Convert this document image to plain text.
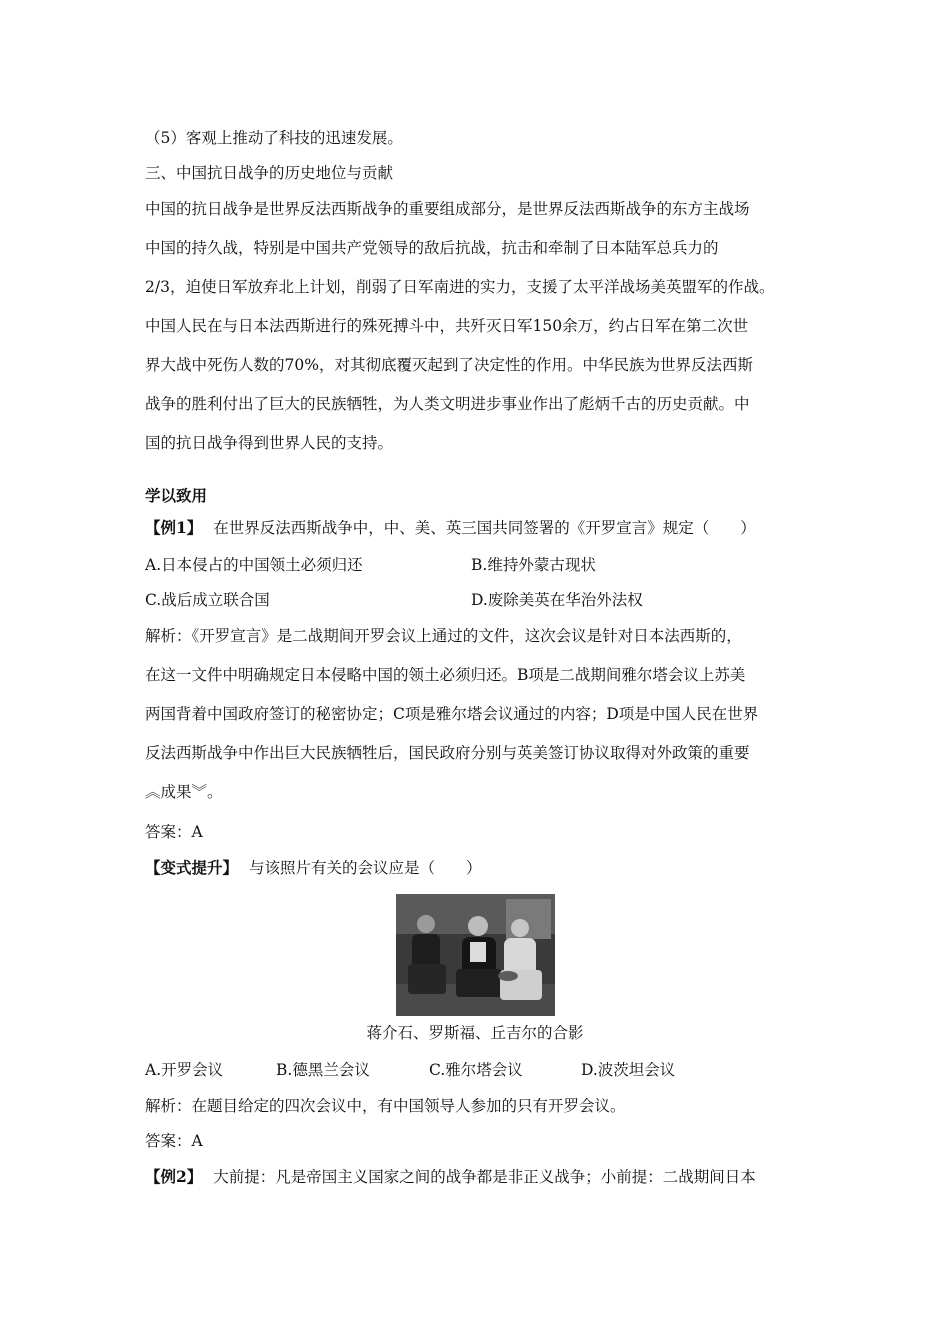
（5）客观上推动了科技的迅速发展。
三、中国抗日战争的历史地位与贡献
中国的抗日战争是世界反法西斯战争的重要组成部分，是世界反法西斯战争的东方主战场
中国的持久战，特别是中国共产党领导的敌后抗战，抗击和牵制了日本陆军总兵力的
2/3，迫使日军放弃北上计划，削弱了日军南进的实力，支援了太平洋战场美英盟军的作战。
中国人民在与日本法西斯进行的殊死搏斗中，共歼灭日军150余万，约占日军在第二次世
界大战中死伤人数的70%，对其彻底覆灭起到了决定性的作用。中华民族为世界反法西斯
战争的胜利付出了巨大的民族牺牲，为人类文明进步事业作出了彪炳千古的历史贡献。中
国的抗日战争得到世界人民的支持。
学以致用
【例1】 在世界反法西斯战争中，中、美、英三国共同签署的《开罗宣言》规定（　　）
A.日本侵占的中国领土必须归还	B.维持外蒙古现状
C.战后成立联合国	D.废除美英在华治外法权
解析：《开罗宣言》是二战期间开罗会议上通过的文件，这次会议是针对日本法西斯的，
在这一文件中明确规定日本侵略中国的领土必须归还。B项是二战期间雅尔塔会议上苏美
两国背着中国政府签订的秘密协定；C项是雅尔塔会议通过的内容；D项是中国人民在世界
反法西斯战争中作出巨大民族牺牲后，国民政府分别与英美签订协议取得对外政策的重要
︽成果︾。
答案：A
【变式提升】 与该照片有关的会议应是（　　）
蒋介石、罗斯福、丘吉尔的合影
A.开罗会议	B.德黑兰会议	C.雅尔塔会议	D.波茨坦会议
解析：在题目给定的四次会议中，有中国领导人参加的只有开罗会议。
答案：A
【例2】 大前提：凡是帝国主义国家之间的战争都是非正义战争；小前提：二战期间日本
